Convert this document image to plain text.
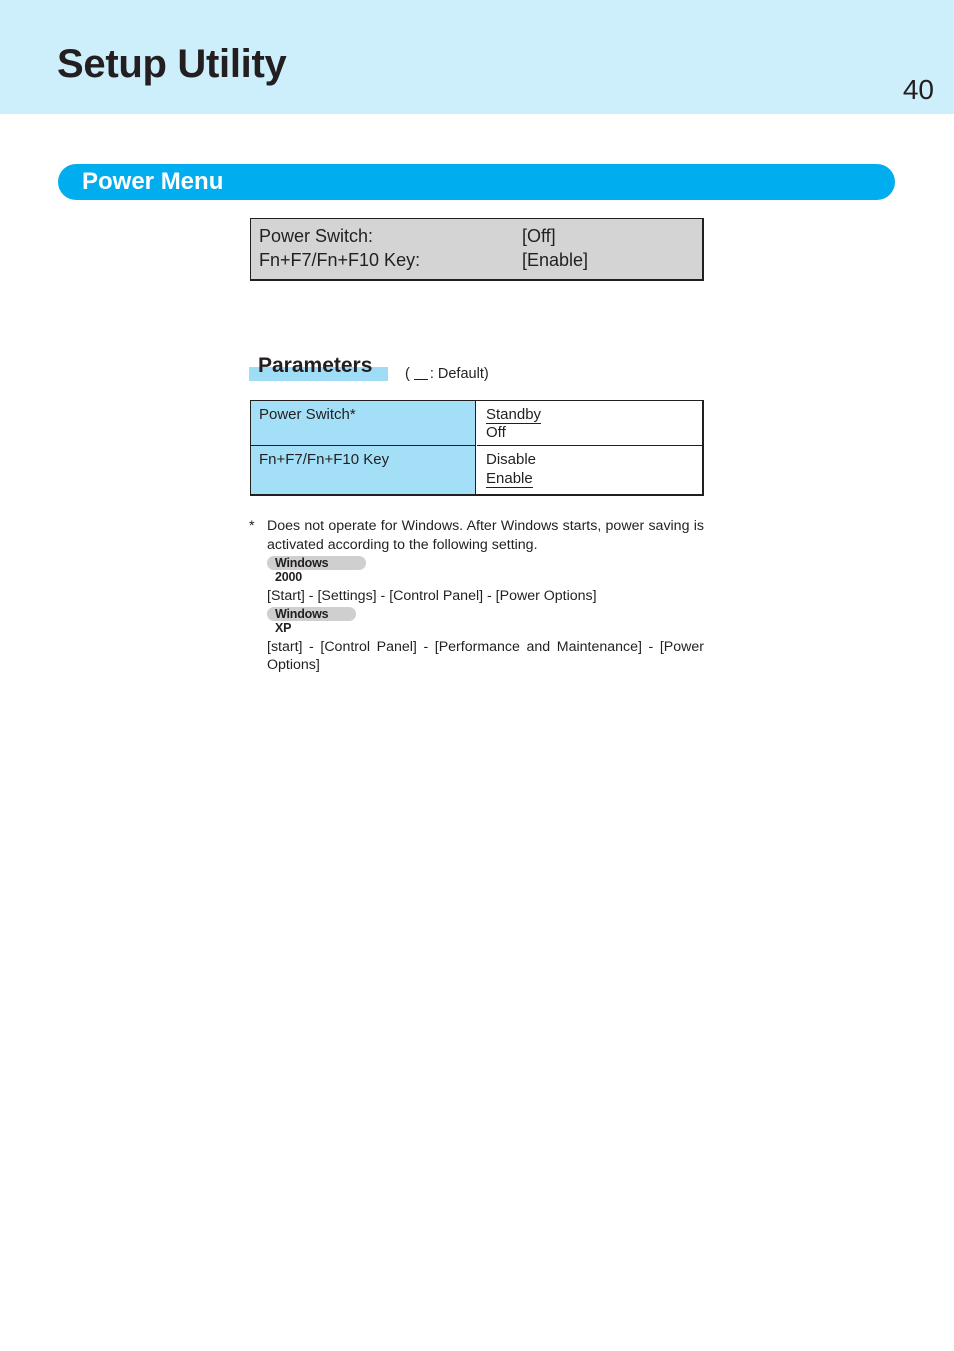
Setup Utility
40
Power Menu
Power Switch:	[Off]
Fn+F7/Fn+F10 Key:	[Enable]
Parameters ( : Default)
Power Switch*	Standby
Off
Fn+F7/Fn+F10 Key	Disable
Enable
* Does not operate for Windows. After Windows starts, power saving is activated according to the following setting.

Windows 2000

[Start] - [Settings] - [Control Panel] - [Power Options]

Windows XP

[start] - [Control Panel] - [Performance and Maintenance] - [Power Options]
